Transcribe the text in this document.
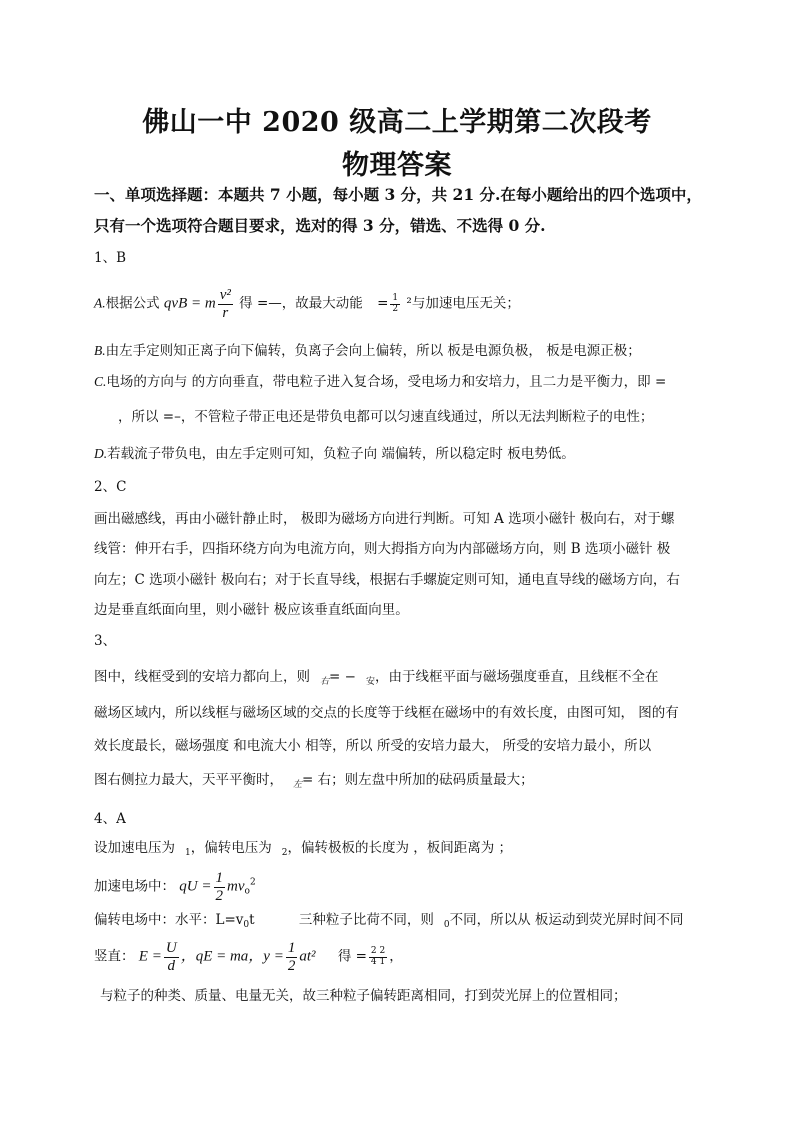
佛山一中 2020 级高二上学期第二次段考
物理答案
一、单项选择题：本题共 7 小题，每小题 3 分，共 21 分.在每小题给出的四个选项中，
只有一个选项符合题目要求，选对的得 3 分，错选、不选得 0 分.
1、B
A.根据公式 qvB = m $\frac{\text{v²}}{r}$ 得 =—，故最大动能 = $\frac{1}{2} ^2$与加速电压无关；
B.由左手定则知正离子向下偏转，负离子会向上偏转，所以 板是电源负极， 板是电源正极；
C.电场的方向与 的方向垂直，带电粒子进入复合场，受电场力和安培力，且二力是平衡力，即 =
，所以 =–，不管粒子带正电还是带负电都可以匀速直线通过，所以无法判断粒子的电性；
D.若载流子带负电，由左手定则可知，负粒子向 端偏转，所以稳定时 板电势低。
2、C
画出磁感线，再由小磁针静止时， 极即为磁场方向进行判断。可知 A 选项小磁针 极向右，对于螺
线管：伸开右手，四指环绕方向为电流方向，则大拇指方向为内部磁场方向，则 B 选项小磁针 极
向左；C 选项小磁针 极向右；对于长直导线，根据右手螺旋定则可知，通电直导线的磁场方向，右
边是垂直纸面向里，则小磁针 极应该垂直纸面向里。
3、
图中，线框受到的安培力都向上，则 $_右$= − $_安$，由于线框平面与磁场强度垂直，且线框不全在
磁场区域内，所以线框与磁场区域的交点的长度等于线框在磁场中的有效长度，由图可知， 图的有
效长度最长，磁场强度 和电流大小 相等，所以 所受的安培力最大， 所受的安培力最小，所以
图右侧拉力最大，天平平衡时， $_左$= 右；则左盘中所加的砝码质量最大；
4、A
设加速电压为 $_1$，偏转电压为 $_2$，偏转极板的长度为 ，板间距离为 ；
加速电场中： qU = $\frac{1}{2} mv_o^2$
偏转电场中：水平：$L=v_0t$	三种粒子比荷不同，则 $_0$不同，所以从 板运动到荧光屏时间不同
竖直： $E = \frac{U}{d}$ ，qE = ma，$y = \frac{1}{2} at^2$ 得 = $\frac{2 2}{4 1}$ ，
与粒子的种类、质量、电量无关，故三种粒子偏转距离相同，打到荧光屏上的位置相同；
